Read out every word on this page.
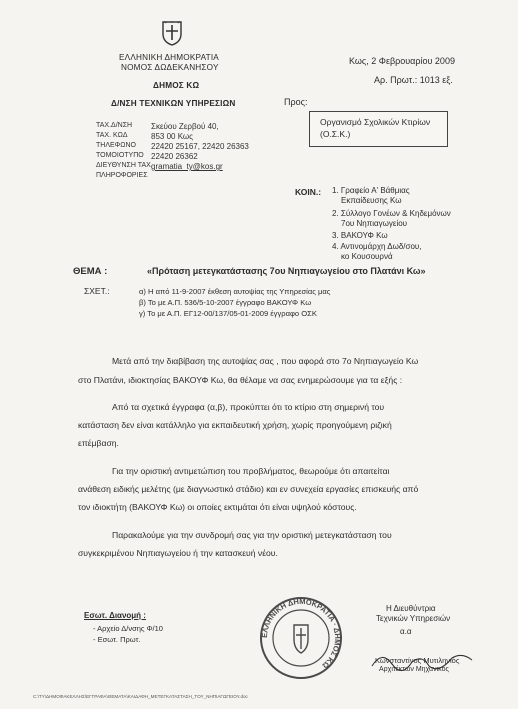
ΕΛΛΗΝΙΚΗ ΔΗΜΟΚΡΑΤΙΑ
ΝΟΜΟΣ ΔΩΔΕΚΑΝΗΣΟΥ
ΔΗΜΟΣ ΚΩ
Δ/ΝΣΗ ΤΕΧΝΙΚΩΝ ΥΠΗΡΕΣΙΩΝ
Κως, 2 Φεβρουαρίου 2009
Αρ. Πρωτ.: 1013 εξ.
ΤΑΧ.Δ/ΝΣΗ Σκεύου Ζερβού 40,
ΤΑΧ. ΚΩΔ	853 00 Κως
ΤΗΛΕΦΩΝΟ 22420 25167, 22420 26363
ΤΟΜΟΙΟΤΥΠΟ 22420 26362
ΔΙΕΥΘΥΝΣΗ ΤΑΧ gramatia_ty@kos.gr
ΠΛΗΡΟΦΟΡΙΕΣ
Προς:
Οργανισμό Σχολικών Κτιρίων
(Ο.Σ.Κ.)
ΚΟΙΝ.: 1. Γραφείο Α' Βάθμιας
Εκπαίδευσης Κω
2. Σύλλογο Γονέων & Κηδεμόνων
7ου Νηπιαγωγείου
3. ΒΑΚΟΥΦ Κω
4. Αντινομάρχη Δωδ/σου,
κο Κουσουρνά
ΘΕΜΑ :	«Πρόταση μετεγκατάστασης 7ου Νηπιαγωγείου στο Πλατάνι Κω»
ΣΧΕΤ.:	α) Η από 11-9-2007 έκθεση αυτοψίας της Υπηρεσίας μας
β) Το με Α.Π. 536/5-10-2007 έγγραφο ΒΑΚΟΥΦ Κω
γ) Το με Α.Π. ΕΓ12-00/137/05-01-2009 έγγραφο ΟΣΚ
Μετά από την διαβίβαση της αυτοψίας σας , που αφορά στο 7ο Νηπιαγωγείο Κω
στο Πλατάνι, ιδιοκτησίας ΒΑΚΟΥΦ Κω, θα θέλαμε να σας ενημερώσουμε για τα εξής :
Από τα σχετικά έγγραφα (α,β), προκύπτει ότι το κτίριο στη σημερινή του
κατάσταση δεν είναι κατάλληλο για εκπαιδευτική χρήση, χωρίς προηγούμενη ριζική
επέμβαση.
Για την οριστική αντιμετώπιση του προβλήματος, θεωρούμε ότι απαιτείται
ανάθεση ειδικής μελέτης (με διαγνωστικό στάδιο) και εν συνεχεία εργασίες επισκευής από
τον ιδιοκτήτη (ΒΑΚΟΥΦ Κω) οι οποίες εκτιμάται ότι είναι υψηλού κόστους.
Παρακαλούμε για την συνδρομή σας για την οριστική μετεγκατάσταση του
συγκεκριμένου Νηπιαγωγείου ή την κατασκευή νέου.
Εσωτ. Διανομή :
- Αρχείο Δ/νσης Φ/10
- Εσωτ. Πρωτ.	ΕΛΛΗΝΙΚΗ ΔΗΜΟΚΡΑΤΙΑ · ΔΗΜΟΣ ΚΩ
Η Διευθύντρια
Τεχνικών Υπηρεσιών
α.α
Κωνσταντίνος Μυτιληνιός
Αρχιτέκτων Μηχανικός
C:\TY\ΔΗΜΟΦΑΚΕΛΛΗΣ\ΕΓΓΡΑΦΑ\ΘΕΜΑΤΑ\ΚΑΙΔΑΦΗ_ΜΕΤΕΓΚΑΤΑΣΤΑΣΗ_ΤΟΥ_ΝΗΠΙΑΓΩΓΕΙΟΥ.doc
